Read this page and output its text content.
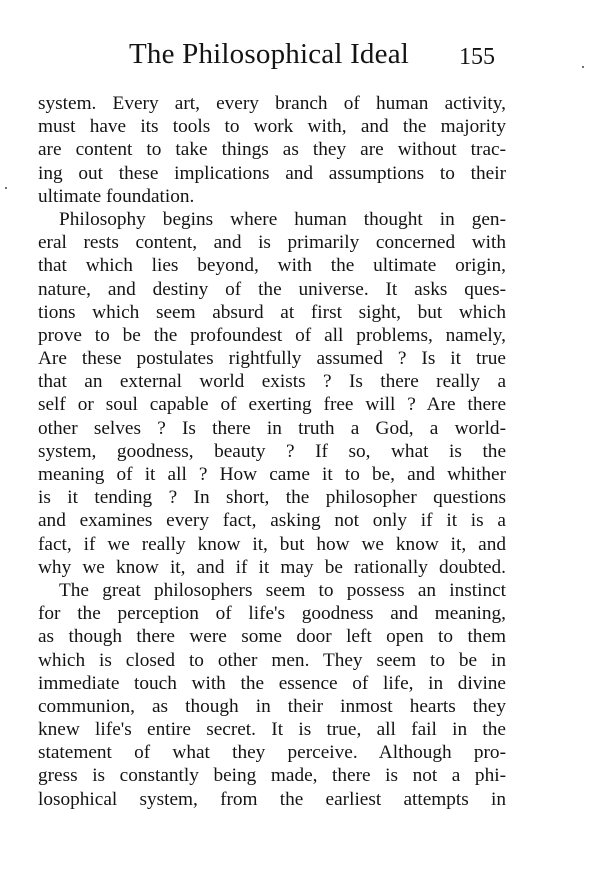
The Philosophical Ideal 155
system. Every art, every branch of human activity,
must have its tools to work with, and the majority
are content to take things as they are without trac-
ing out these implications and assumptions to their
ultimate foundation.
Philosophy begins where human thought in gen-
eral rests content, and is primarily concerned with
that which lies beyond, with the ultimate origin,
nature, and destiny of the universe. It asks ques-
tions which seem absurd at first sight, but which
prove to be the profoundest of all problems, namely,
Are these postulates rightfully assumed ? Is it true
that an external world exists ? Is there really a
self or soul capable of exerting free will ? Are there
other selves ? Is there in truth a God, a world-
system, goodness, beauty ? If so, what is the
meaning of it all ? How came it to be, and whither
is it tending ? In short, the philosopher questions
and examines every fact, asking not only if it is a
fact, if we really know it, but how we know it, and
why we know it, and if it may be rationally doubted.
The great philosophers seem to possess an instinct
for the perception of life's goodness and meaning,
as though there were some door left open to them
which is closed to other men. They seem to be in
immediate touch with the essence of life, in divine
communion, as though in their inmost hearts they
knew life's entire secret. It is true, all fail in the
statement of what they perceive. Although pro-
gress is constantly being made, there is not a phi-
losophical system, from the earliest attempts in
